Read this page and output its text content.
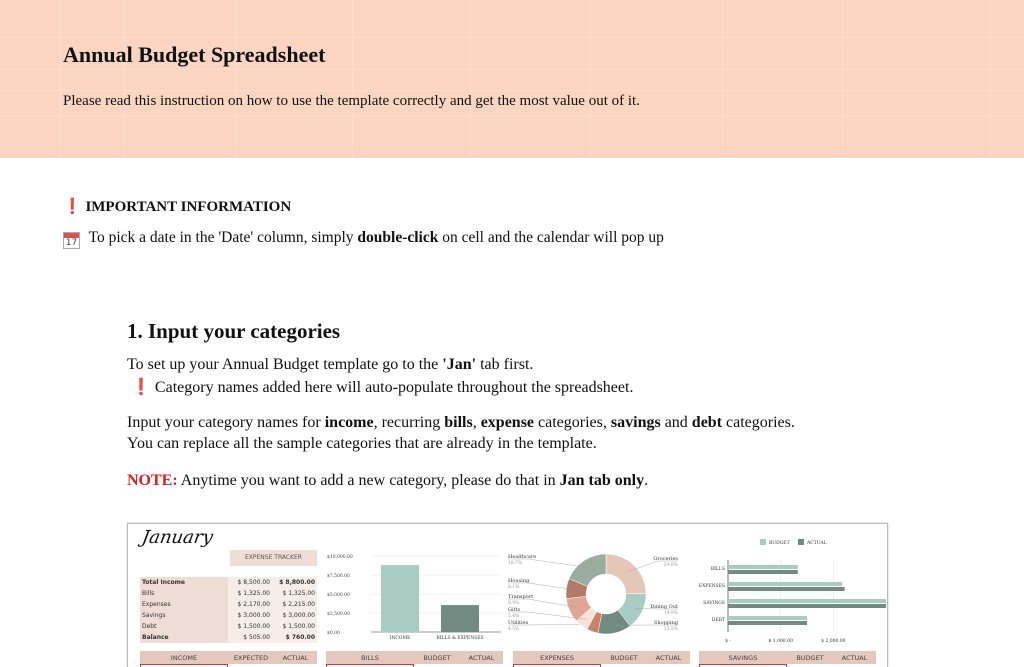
Annual Budget Spreadsheet
Please read this instruction on how to use the template correctly and get the most value out of it.
❗ IMPORTANT INFORMATION
17 To pick a date in the 'Date' column, simply double-click on cell and the calendar will pop up
1. Input your categories
To set up your Annual Budget template go to the 'Jan' tab first.
❗ Category names added here will auto-populate throughout the spreadsheet.
Input your category names for income, recurring bills, expense categories, savings and debt categories.
You can replace all the sample categories that are already in the template.
NOTE: Anytime you want to add a new category, please do that in Jan tab only.
January
EXPENSE TRACKER
Total Income	$ 8,500.00	$ 8,800.00
Bills	$ 1,325.00	$ 1,325.00
Expenses	$ 2,170.00	$ 2,215.00
Savings	$ 3,000.00	$ 3,000.00
Debt	$ 1,500.00	$ 1,500.00
Balance	$ 505.00	$ 760.00
$0.00
$2,500.00
$5,000.00
$7,500.00
$10,000.00
INCOME	BILLS & EXPENSES
Groceries
24.8%
Dining Out
14.9%
Shopping
13.5%
Utilities
4.5%
Gifts
5.4%
Transport
9.9%
Housing
8.1%
Healthcare
18.7%
BUDGET	ACTUAL
$ -	$ 1,000.00	$ 2,000.00
BILLS
EXPENSES
SAVINGS
DEBT
INCOME	EXPECTED	ACTUAL	BILLS	BUDGET	ACTUAL	EXPENSES	BUDGET	ACTUAL	SAVINGS	BUDGET	ACTUAL
